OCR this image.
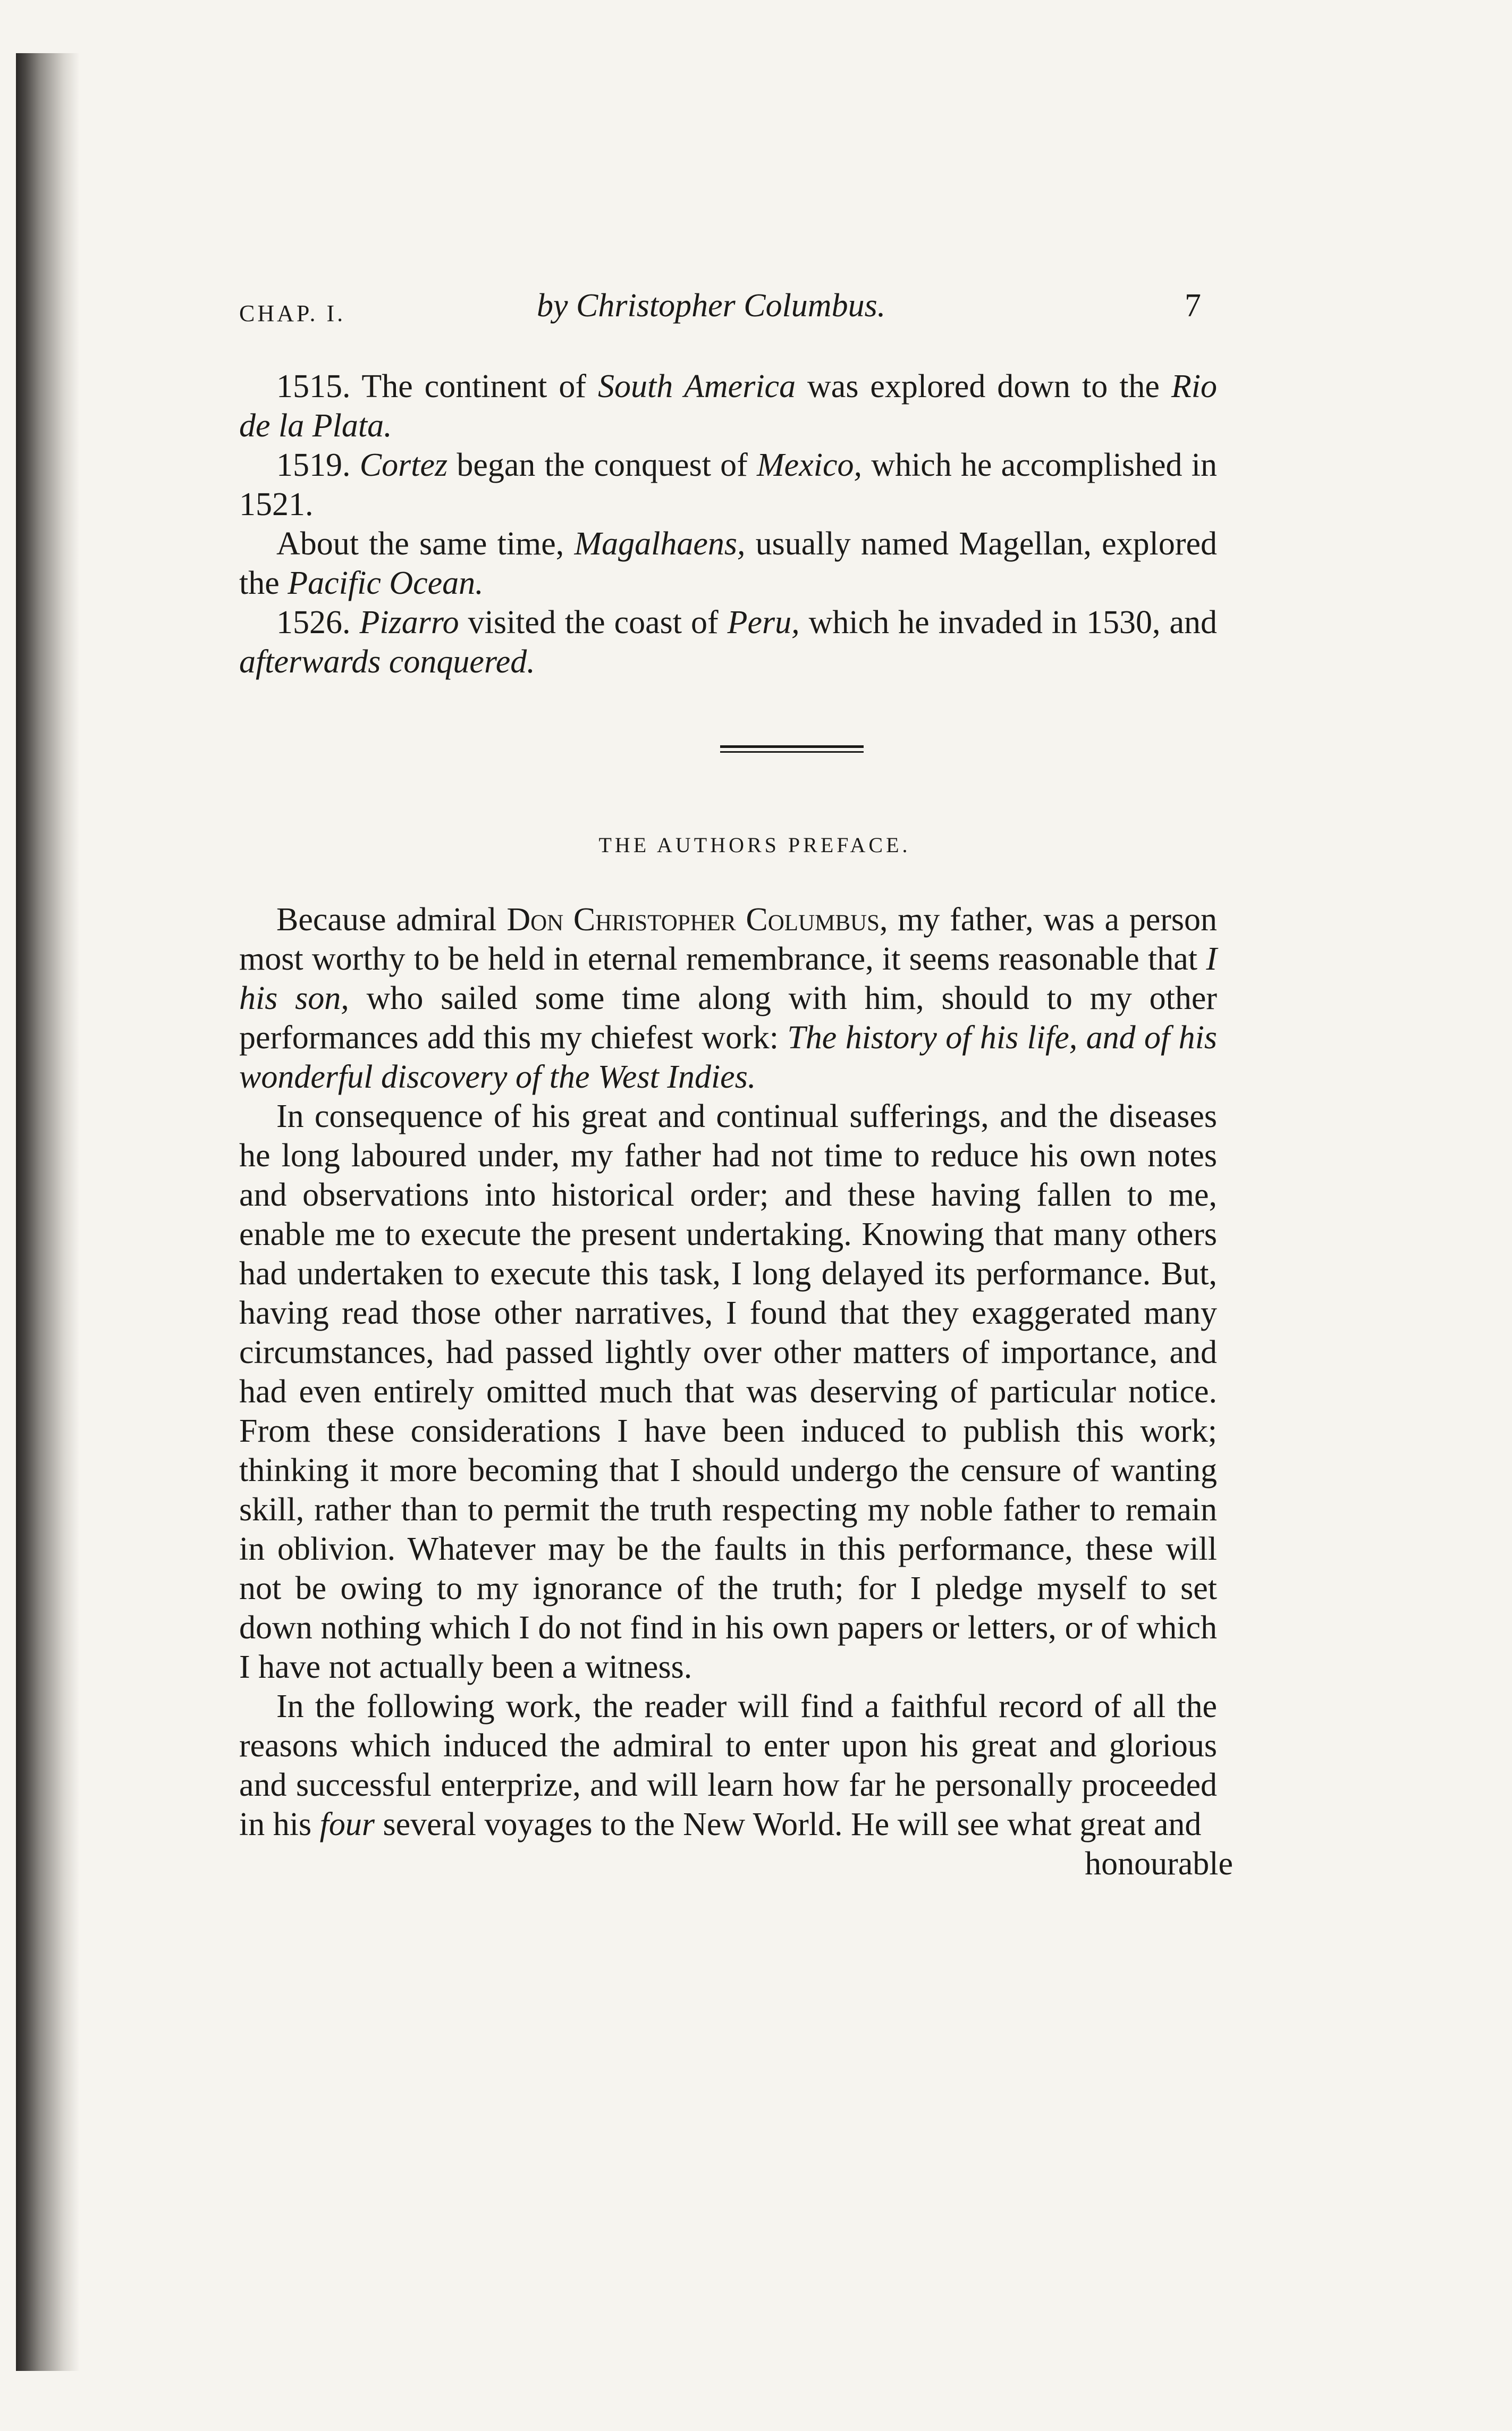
CHAP. I.	by Christopher Columbus.	7

1515. The continent of South America was explored down to the Rio de la Plata.

1519. Cortez began the conquest of Mexico, which he accomplished in 1521.

About the same time, Magalhaens, usually named Magellan, explored the Pacific Ocean.

1526. Pizarro visited the coast of Peru, which he invaded in 1530, and afterwards conquered.

THE AUTHORS PREFACE.

Because admiral Don Christopher Columbus, my father, was a person most worthy to be held in eternal remembrance, it seems reasonable that I his son, who sailed some time along with him, should to my other performances add this my chiefest work: The history of his life, and of his wonderful discovery of the West Indies.

In consequence of his great and continual sufferings, and the diseases he long laboured under, my father had not time to reduce his own notes and observations into historical order; and these having fallen to me, enable me to execute the present undertaking. Knowing that many others had undertaken to execute this task, I long delayed its performance. But, having read those other narratives, I found that they exaggerated many circumstances, had passed lightly over other matters of importance, and had even entirely omitted much that was deserving of particular notice. From these considerations I have been induced to publish this work; thinking it more becoming that I should undergo the censure of wanting skill, rather than to permit the truth respecting my noble father to remain in oblivion. Whatever may be the faults in this performance, these will not be owing to my ignorance of the truth; for I pledge myself to set down nothing which I do not find in his own papers or letters, or of which I have not actually been a witness.

In the following work, the reader will find a faithful record of all the reasons which induced the admiral to enter upon his great and glorious and successful enterprize, and will learn how far he personally proceeded in his four several voyages to the New World. He will see what great and

honourable
